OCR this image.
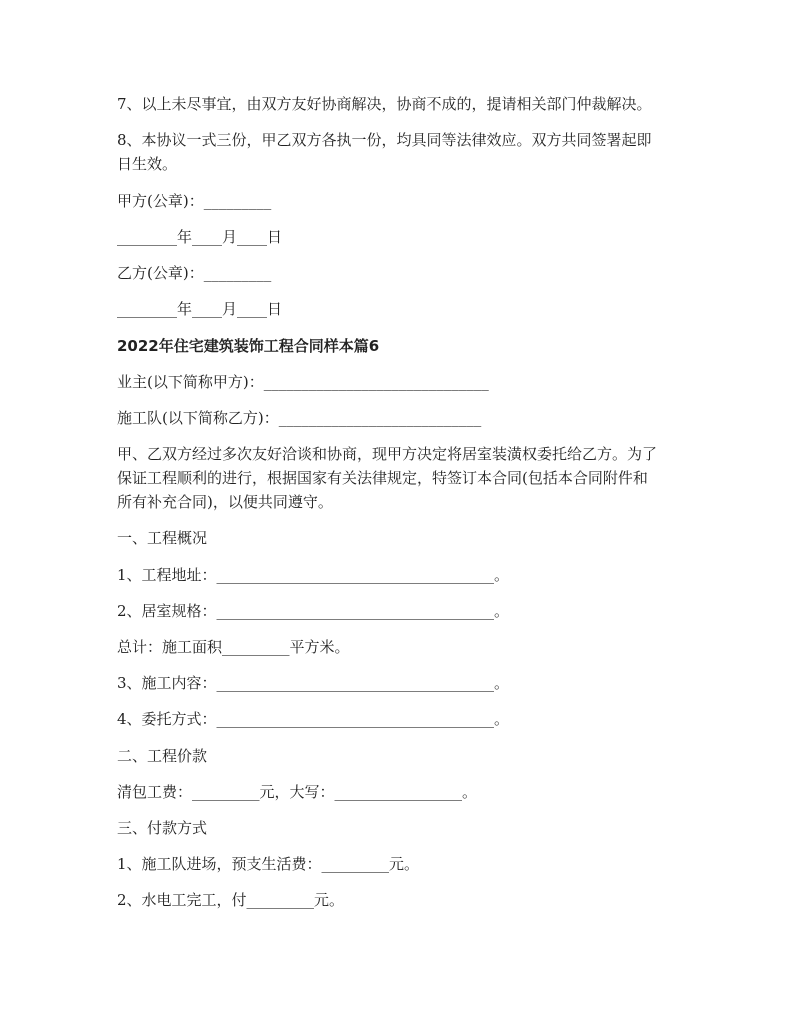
7、以上未尽事宜，由双方友好协商解决，协商不成的，提请相关部门仲裁解决。
8、本协议一式三份，甲乙双方各执一份，均具同等法律效应。双方共同签署起即
日生效。
甲方(公章)：_________
________年____月____日
乙方(公章)：_________
________年____月____日
2022年住宅建筑装饰工程合同样本篇6
业主(以下简称甲方)：______________________________
施工队(以下简称乙方)：___________________________
甲、乙双方经过多次友好洽谈和协商，现甲方决定将居室装潢权委托给乙方。为了
保证工程顺利的进行，根据国家有关法律规定，特签订本合同(包括本合同附件和
所有补充合同)，以便共同遵守。
一、工程概况
1、工程地址：_____________________________________。
2、居室规格：_____________________________________。
总计：施工面积_________平方米。
3、施工内容：_____________________________________。
4、委托方式：_____________________________________。
二、工程价款
清包工费：_________元，大写：_________________。
三、付款方式
1、施工队进场，预支生活费：_________元。
2、水电工完工，付_________元。
